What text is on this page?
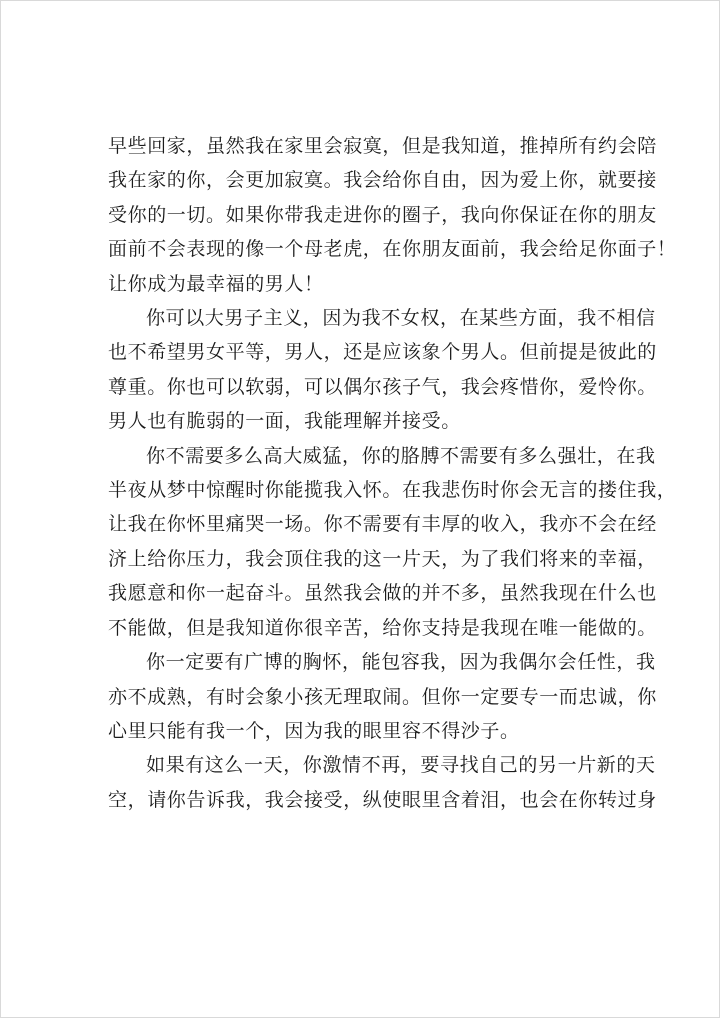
早些回家，虽然我在家里会寂寞，但是我知道，推掉所有约会陪
我在家的你，会更加寂寞。我会给你自由，因为爱上你，就要接
受你的一切。如果你带我走进你的圈子，我向你保证在你的朋友
面前不会表现的像一个母老虎，在你朋友面前，我会给足你面子！
让你成为最幸福的男人！

你可以大男子主义，因为我不女权，在某些方面，我不相信
也不希望男女平等，男人，还是应该象个男人。但前提是彼此的
尊重。你也可以软弱，可以偶尔孩子气，我会疼惜你，爱怜你。
男人也有脆弱的一面，我能理解并接受。

你不需要多么高大威猛，你的胳膊不需要有多么强壮，在我
半夜从梦中惊醒时你能揽我入怀。在我悲伤时你会无言的搂住我，
让我在你怀里痛哭一场。你不需要有丰厚的收入，我亦不会在经
济上给你压力，我会顶住我的这一片天，为了我们将来的幸福，
我愿意和你一起奋斗。虽然我会做的并不多，虽然我现在什么也
不能做，但是我知道你很辛苦，给你支持是我现在唯一能做的。

你一定要有广博的胸怀，能包容我，因为我偶尔会任性，我
亦不成熟，有时会象小孩无理取闹。但你一定要专一而忠诚，你
心里只能有我一个，因为我的眼里容不得沙子。

如果有这么一天，你激情不再，要寻找自己的另一片新的天
空，请你告诉我，我会接受，纵使眼里含着泪，也会在你转过身
